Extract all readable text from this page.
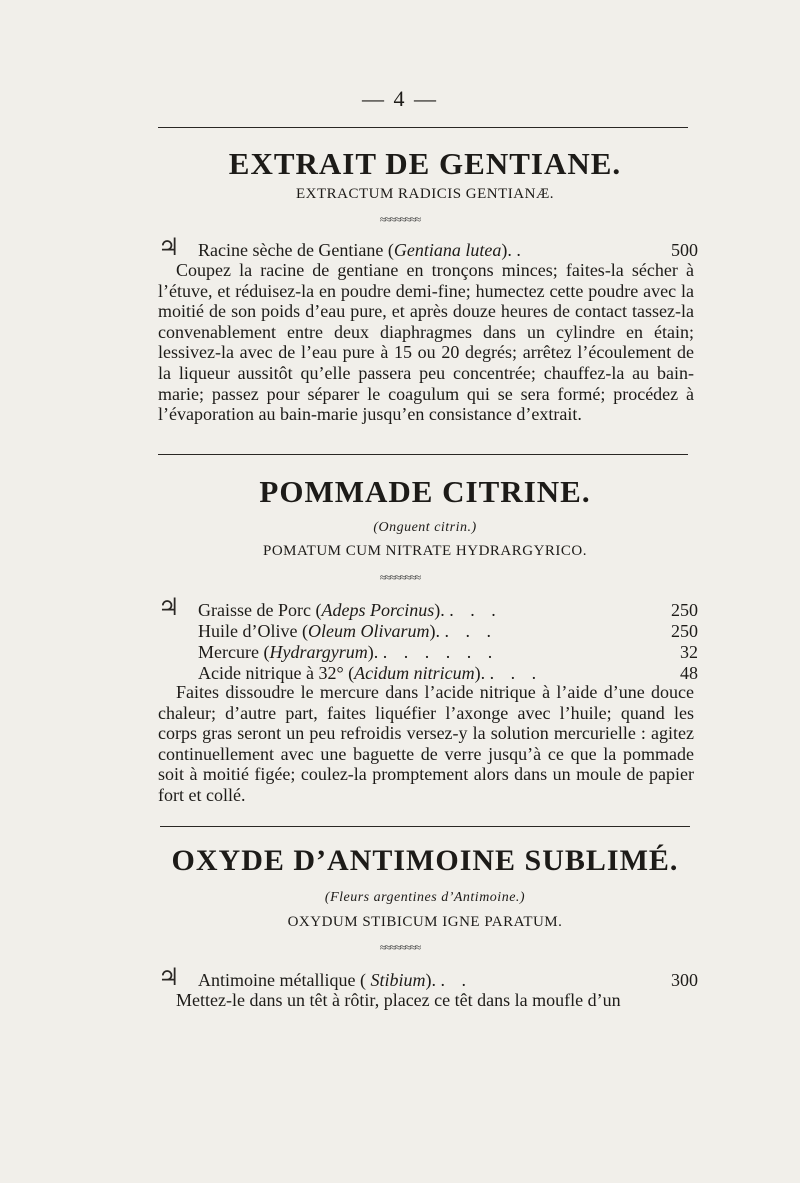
— 4 —
EXTRAIT DE GENTIANE.
EXTRACTUM RADICIS GENTIANÆ.
≈≈≈≈≈≈≈≈
♃ Racine sèche de Gentiane (Gentiana lutea). .	500

Coupez la racine de gentiane en tronçons minces; faites-la sécher à l’étuve, et réduisez-la en poudre demi-fine; humectez cette poudre avec la moitié de son poids d’eau pure, et après douze heures de contact tassez-la convenablement entre deux diaphragmes dans un cylindre en étain; lessivez-la avec de l’eau pure à 15 ou 20 degrés; arrêtez l’écoulement de la liqueur aussitôt qu’elle passera peu concentrée; chauffez-la au bain-marie; passez pour séparer le coagulum qui se sera formé; procédez à l’évaporation au bain-marie jusqu’en consistance d’extrait.

POMMADE CITRINE.
(Onguent citrin.)
POMATUM CUM NITRATE HYDRARGYRICO.
≈≈≈≈≈≈≈≈
♃ Graisse de Porc (Adeps Porcinus). . . .	250
Huile d’Olive (Oleum Olivarum). . . .	250
Mercure (Hydrargyrum). . . . . . .	32
Acide nitrique à 32° (Acidum nitricum). . . .	48

Faites dissoudre le mercure dans l’acide nitrique à l’aide d’une douce chaleur; d’autre part, faites liquéfier l’axonge avec l’huile; quand les corps gras seront un peu refroidis versez-y la solution mercurielle : agitez continuellement avec une baguette de verre jusqu’à ce que la pommade soit à moitié figée; coulez-la promptement alors dans un moule de papier fort et collé.

OXYDE D’ANTIMOINE SUBLIMÉ.
(Fleurs argentines d’Antimoine.)
OXYDUM STIBICUM IGNE PARATUM.
≈≈≈≈≈≈≈≈
♃ Antimoine métallique ( Stibium). . .	300

Mettez-le dans un têt à rôtir, placez ce têt dans la moufle d’un
